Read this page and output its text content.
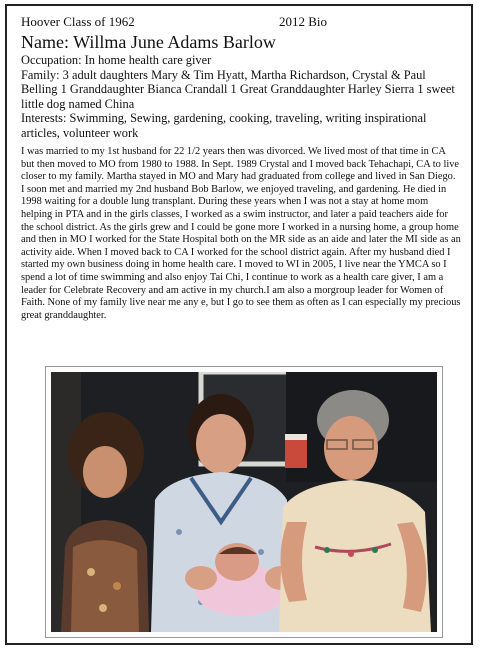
Hoover Class of 1962	2012 Bio
Name: Willma June Adams Barlow

Occupation: In home health care giver

Family: 3 adult daughters Mary & Tim Hyatt, Martha Richardson, Crystal & Paul Belling 1 Granddaughter Bianca Crandall 1 Great Granddaughter Harley Sierra 1 sweet little dog named China

Interests: Swimming, Sewing, gardening, cooking, traveling, writing inspirational articles, volunteer work

I was married to my 1st husband for 22 1/2 years then was divorced. We lived most of that time in CA but then moved to MO from 1980 to 1988. In Sept. 1989 Crystal and I moved back Tehachapi, CA to live closer to my family. Martha stayed in MO and Mary had graduated from college and lived in San Diego. I soon met and married my 2nd husband Bob Barlow, we enjoyed traveling, and gardening. He died in 1998 waiting for a double lung transplant. During these years when I was not a stay at home mom helping in PTA and in the girls classes, I worked as a swim instructor, and later a paid teachers aide for the school district. As the girls grew and I could be gone more I worked in a nursing home, a group home and then in MO I worked for the State Hospital both on the MR side as an aide and later the MI side as an activity aide. When I moved back to CA I worked for the school district again. After my husband died I started my own business doing in home health care. I moved to WI in 2005, I live near the YMCA so I spend a lot of time swimming and also enjoy Tai Chi, I continue to work as a health care giver, I am a leader for Celebrate Recovery and am active in my church.I am also a morgroup leader for Women of Faith. None of my family live near me any e, but I go to see them as often as I can especially my precious great granddaughter.
